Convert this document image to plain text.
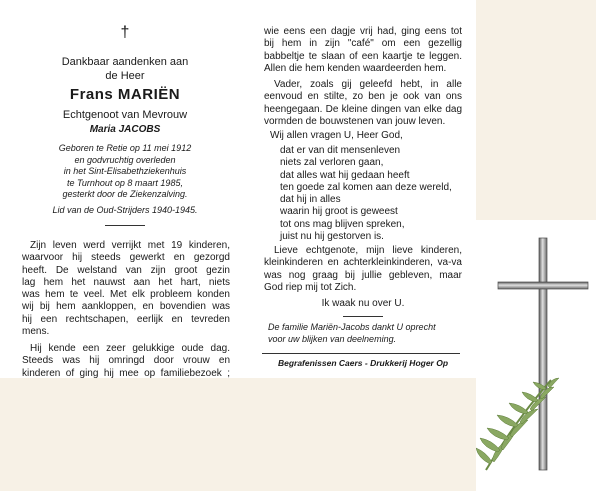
†
Dankbaar aandenken aan
de Heer
Frans MARIËN
Echtgenoot van Mevrouw
Maria JACOBS
Geboren te Retie op 11 mei 1912
en godvruchtig overleden
in het Sint-Elisabethziekenhuis
te Turnhout op 8 maart 1985,
gesterkt door de Ziekenzalving.
Lid van de Oud-Strijders 1940-1945.
Zijn leven werd verrijkt met 19 kinderen,
waarvoor hij steeds gewerkt en gezorgd
heeft. De welstand van zijn groot gezin
lag hem het nauwst aan het hart, niets
was hem te veel. Met elk probleem konden
wij bij hem aankloppen, en bovendien was
hij een rechtschapen, eerlijk en tevreden
mens.
Hij kende een zeer gelukkige oude dag.
Steeds was hij omringd door vrouw en
kinderen of ging hij mee op familiebezoek ;
wie eens een dagje vrij had, ging eens tot
bij hem in zijn "café" om een gezellig
babbeltje te slaan of een kaartje te leggen.
Allen die hem kenden waardeerden hem.
Vader, zoals gij geleefd hebt, in alle
eenvoud en stilte, zo ben je ook van ons
heengegaan. De kleine dingen van elke dag
vormden de bouwstenen van jouw leven.
Wij allen vragen U, Heer God,
dat er van dit mensenleven
niets zal verloren gaan,
dat alles wat hij gedaan heeft
ten goede zal komen aan deze wereld,
dat hij in alles
waarin hij groot is geweest
tot ons mag blijven spreken,
juist nu hij gestorven is.
Lieve echtgenote, mijn lieve kinderen,
kleinkinderen en achterkleinkinderen, va-va
was nog graag bij jullie gebleven, maar
God riep mij tot Zich.
Ik waak nu over U.
De familie Mariën-Jacobs dankt U oprecht
voor uw blijken van deelneming.
Begrafenissen Caers - Drukkerij Hoger Op
